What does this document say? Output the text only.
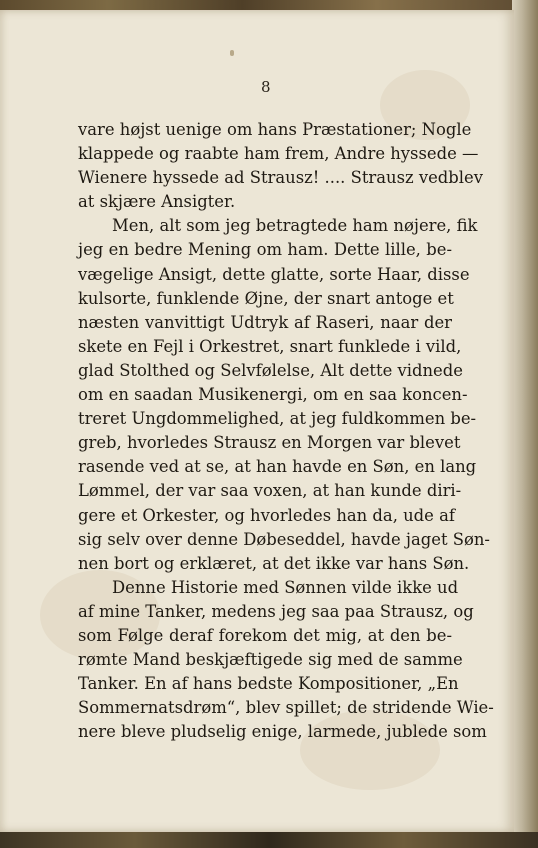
8
vare højst uenige om hans Præstationer; Nogle
klappede og raabte ham frem, Andre hyssede —
Wienere hyssede ad Strausz! .... Strausz vedblev
at skjære Ansigter.
Men, alt som jeg betragtede ham nøjere, fik
jeg en bedre Mening om ham. Dette lille, be-
vægelige Ansigt, dette glatte, sorte Haar, disse
kulsorte, funklende Øjne, der snart antoge et
næsten vanvittigt Udtryk af Raseri, naar der
skete en Fejl i Orkestret, snart funklede i vild,
glad Stolthed og Selvfølelse, Alt dette vidnede
om en saadan Musikenergi, om en saa koncen-
treret Ungdommelighed, at jeg fuldkommen be-
greb, hvorledes Strausz en Morgen var blevet
rasende ved at se, at han havde en Søn, en lang
Lømmel, der var saa voxen, at han kunde diri-
gere et Orkester, og hvorledes han da, ude af
sig selv over denne Døbeseddel, havde jaget Søn-
nen bort og erklæret, at det ikke var hans Søn.
Denne Historie med Sønnen vilde ikke ud
af mine Tanker, medens jeg saa paa Strausz, og
som Følge deraf forekom det mig, at den be-
rømte Mand beskjæftigede sig med de samme
Tanker. En af hans bedste Kompositioner, „En
Sommernatsdrøm“, blev spillet; de stridende Wie-
nere bleve pludselig enige, larmede, jublede som
